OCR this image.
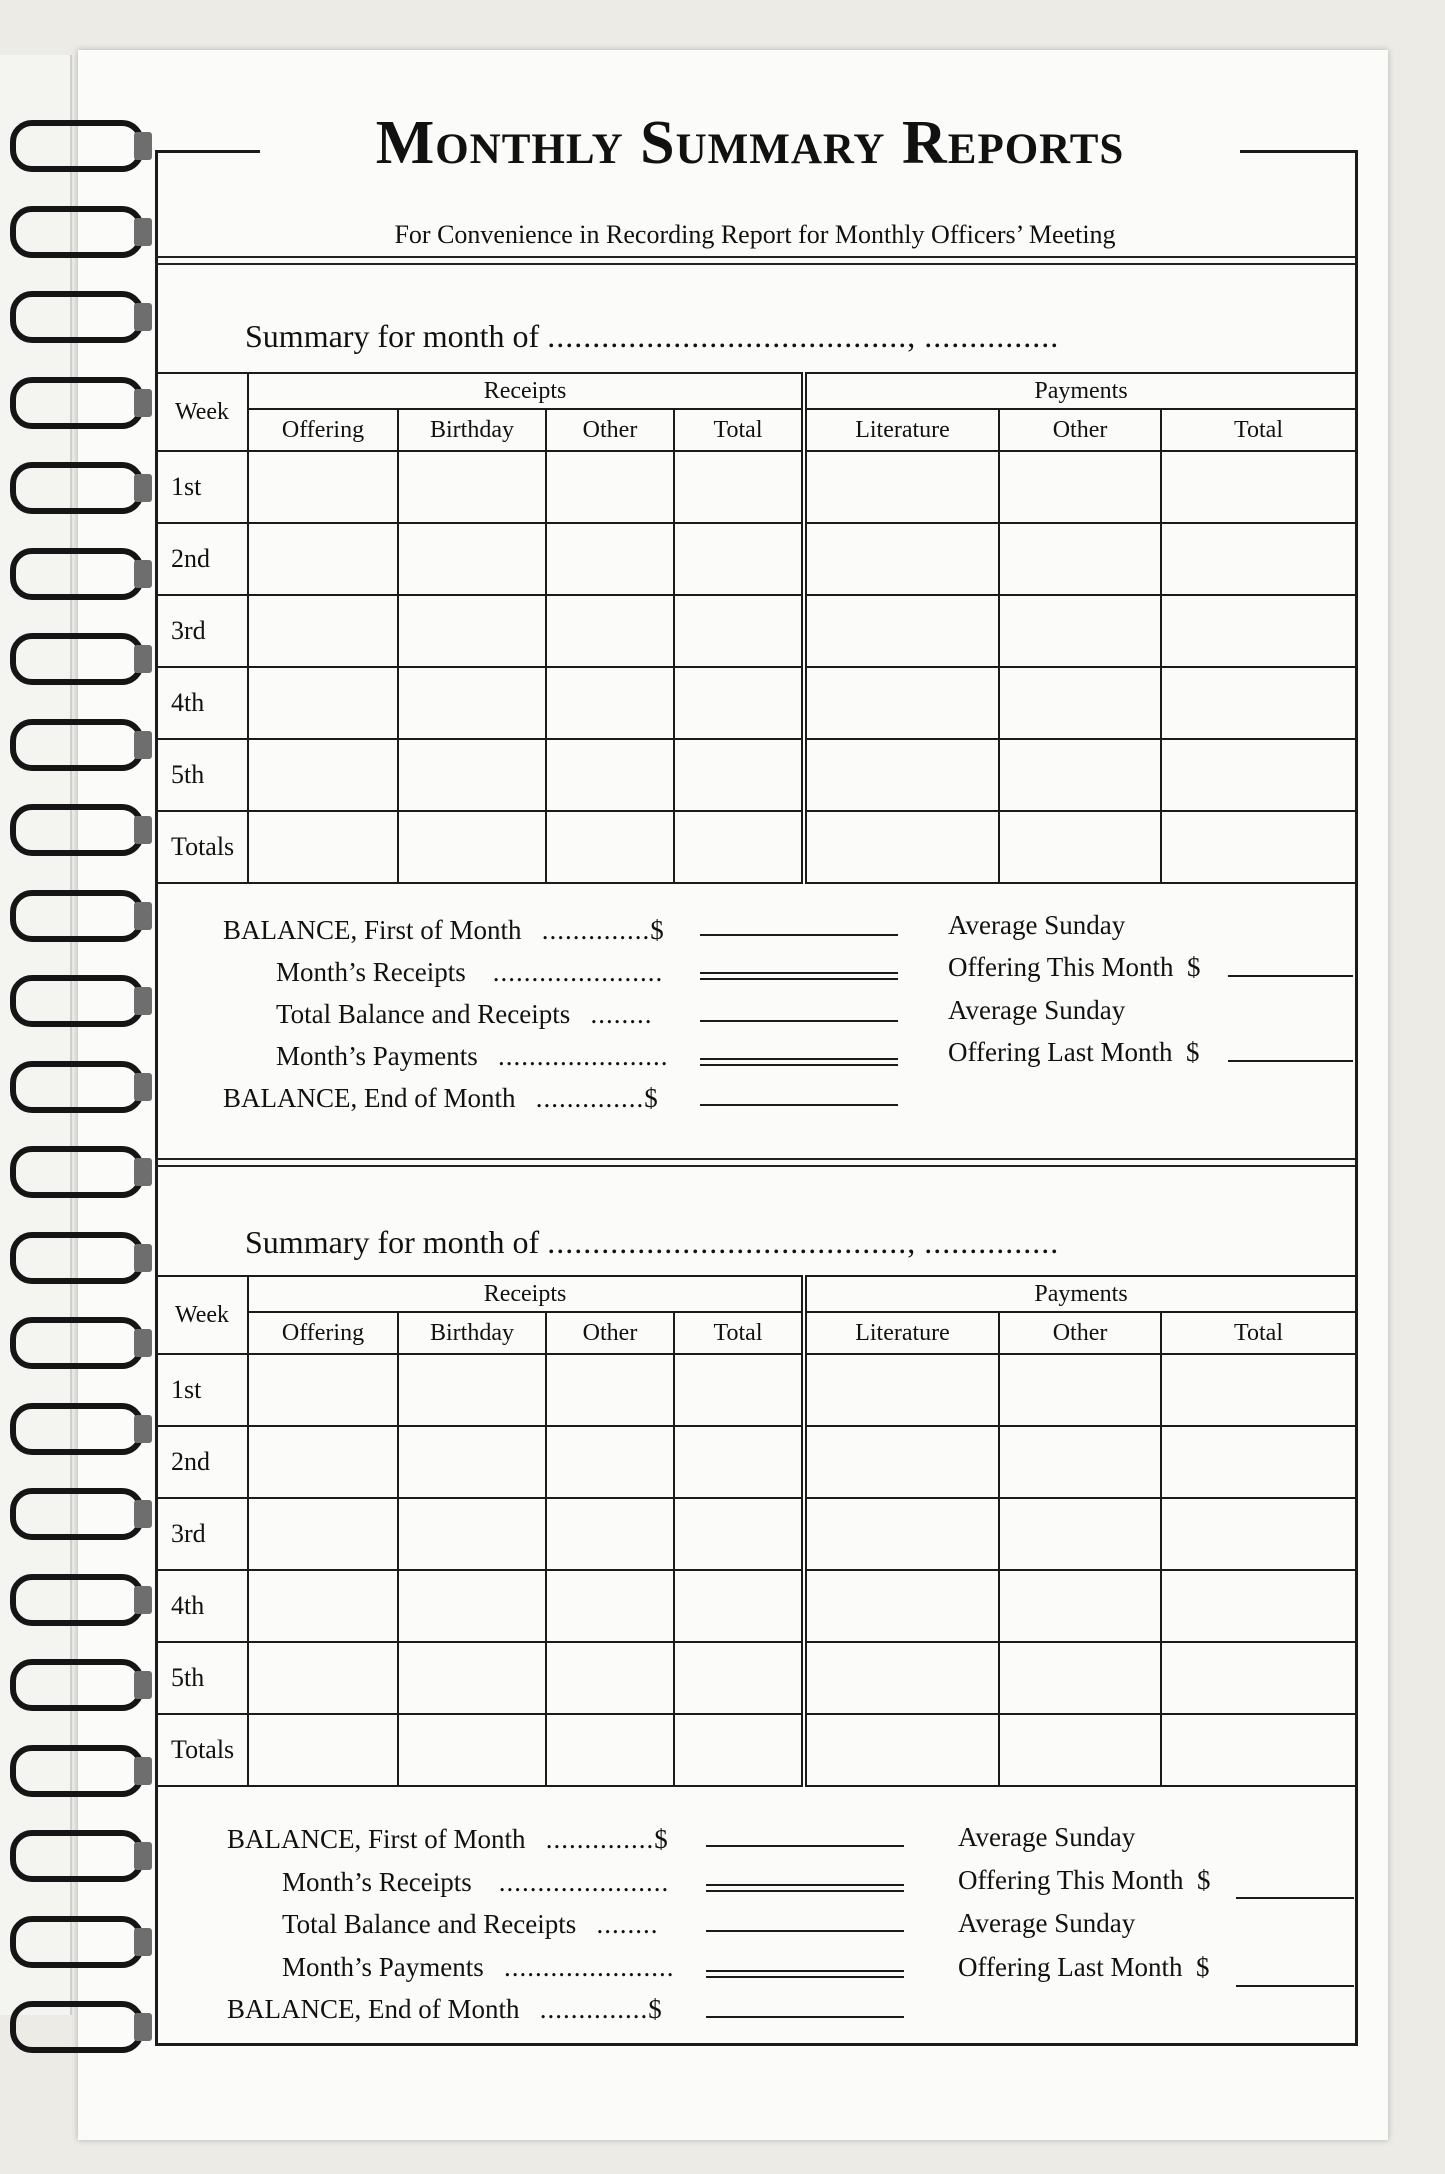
Monthly Summary Reports
For Convenience in Recording Report for Monthly Officers’ Meeting
Summary for month of ........................................, ...............
Week	Receipts				Payments		
	Offering	Birthday	Other	Total	Literature	Other	Total
1st							
2nd							
3rd							
4th							
5th							
Totals							
BALANCE, First of Month ..............$
Month’s Receipts ......................
Total Balance and Receipts ........
Month’s Payments ......................
BALANCE, End of Month ..............$
Average Sunday
Offering This Month $
Average Sunday
Offering Last Month $
Summary for month of ........................................, ...............
Week	Receipts				Payments		
	Offering	Birthday	Other	Total	Literature	Other	Total
1st							
2nd							
3rd							
4th							
5th							
Totals							
BALANCE, First of Month ..............$
Month’s Receipts ......................
Total Balance and Receipts ........
Month’s Payments ......................
BALANCE, End of Month ..............$
Average Sunday
Offering This Month $
Average Sunday
Offering Last Month $
